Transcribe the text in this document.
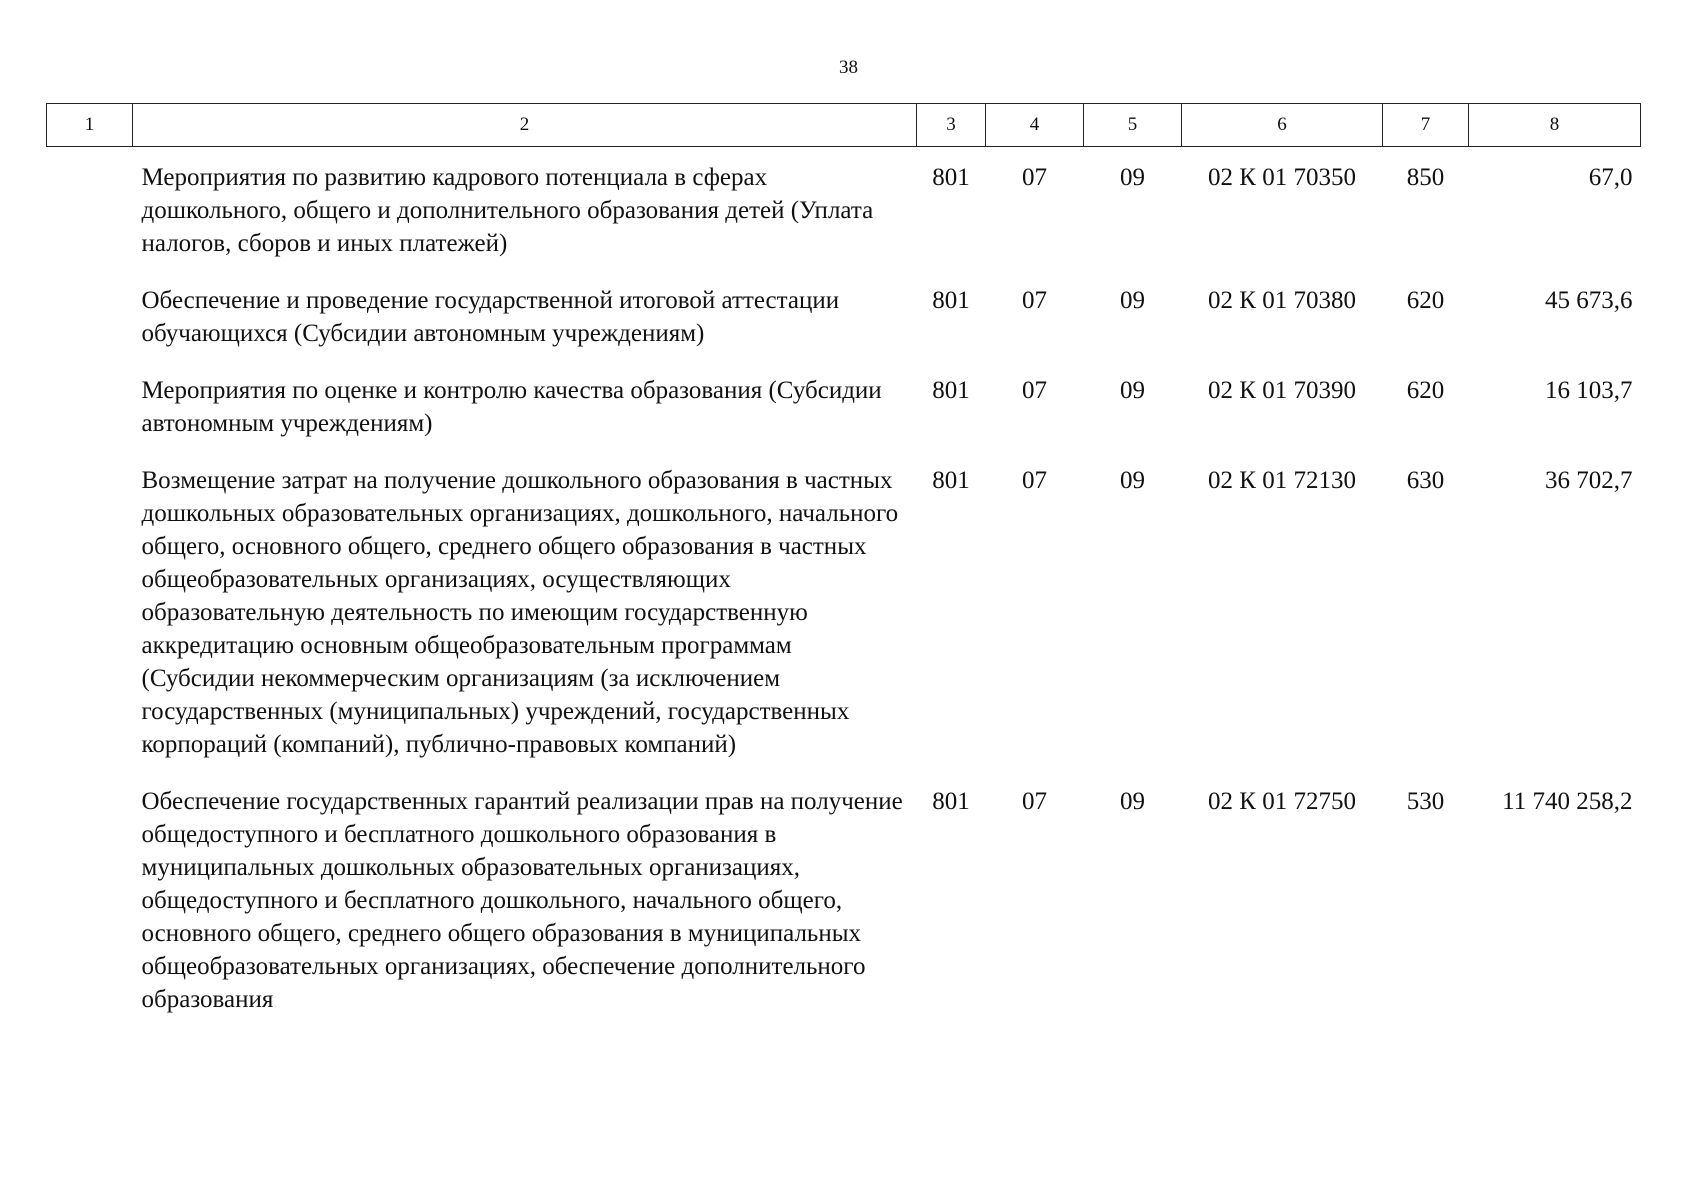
38
1	2	3	4	5	6	7	8
	Мероприятия по развитию кадрового потенциала в сферах дошкольного, общего и дополнительного образования детей (Уплата налогов, сборов и иных платежей)	801	07	09	02 К 01 70350	850	67,0
	Обеспечение и проведение государственной итоговой аттестации обучающихся (Субсидии автономным учреждениям)	801	07	09	02 К 01 70380	620	45 673,6
	Мероприятия по оценке и контролю качества образования (Субсидии автономным учреждениям)	801	07	09	02 К 01 70390	620	16 103,7
	Возмещение затрат на получение дошкольного образования в частных дошкольных образовательных организациях, дошкольного, начального общего, основного общего, среднего общего образования в частных общеобразовательных организациях, осуществляющих образовательную деятельность по имеющим государственную аккредитацию основным общеобразовательным программам (Субсидии некоммерческим организациям (за исключением государственных (муниципальных) учреждений, государственных корпораций (компаний), публично-правовых компаний)	801	07	09	02 К 01 72130	630	36 702,7
	Обеспечение государственных гарантий реализации прав на получение общедоступного и бесплатного дошкольного образования в муниципальных дошкольных образовательных организациях, общедоступного и бесплатного дошкольного, начального общего, основного общего, среднего общего образования в муниципальных общеобразовательных организациях, обеспечение дополнительного образования	801	07	09	02 К 01 72750	530	11 740 258,2
